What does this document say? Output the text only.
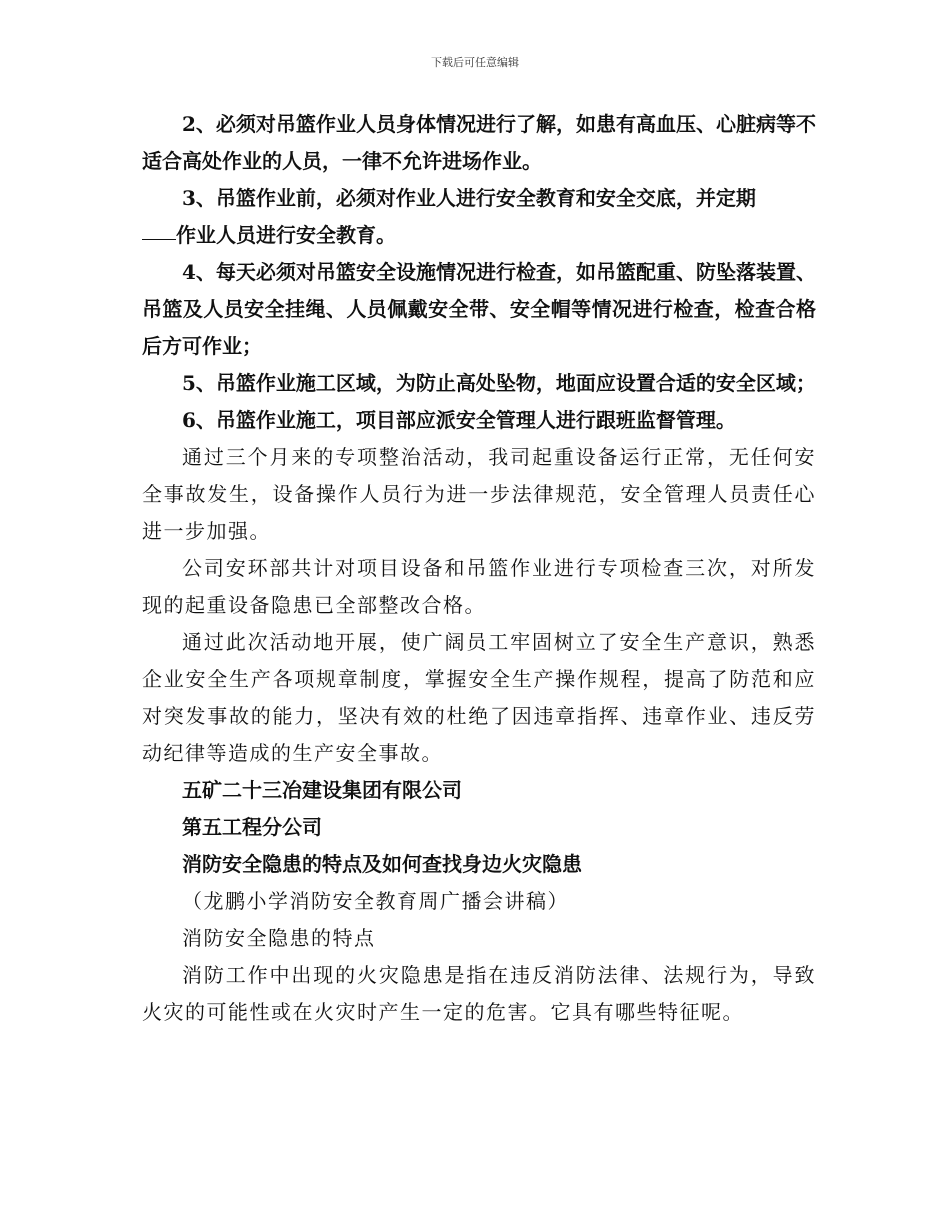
下载后可任意编辑

2、必须对吊篮作业人员身体情况进行了解，如患有高血压、心脏病等不适合高处作业的人员，一律不允许进场作业。

3、吊篮作业前，必须对作业人进行安全教育和安全交底，并定期

作业人员进行安全教育。

4、每天必须对吊篮安全设施情况进行检查，如吊篮配重、防坠落装置、吊篮及人员安全挂绳、人员佩戴安全带、安全帽等情况进行检查，检查合格后方可作业；

5、吊篮作业施工区域，为防止高处坠物，地面应设置合适的安全区域；

6、吊篮作业施工，项目部应派安全管理人进行跟班监督管理。

通过三个月来的专项整治活动，我司起重设备运行正常，无任何安全事故发生，设备操作人员行为进一步法律规范，安全管理人员责任心进一步加强。

公司安环部共计对项目设备和吊篮作业进行专项检查三次，对所发现的起重设备隐患已全部整改合格。

通过此次活动地开展，使广阔员工牢固树立了安全生产意识，熟悉企业安全生产各项规章制度，掌握安全生产操作规程，提高了防范和应对突发事故的能力，坚决有效的杜绝了因违章指挥、违章作业、违反劳动纪律等造成的生产安全事故。

五矿二十三冶建设集团有限公司

第五工程分公司

消防安全隐患的特点及如何查找身边火灾隐患

（龙鹏小学消防安全教育周广播会讲稿）

消防安全隐患的特点

消防工作中出现的火灾隐患是指在违反消防法律、法规行为，导致火灾的可能性或在火灾时产生一定的危害。它具有哪些特征呢。
